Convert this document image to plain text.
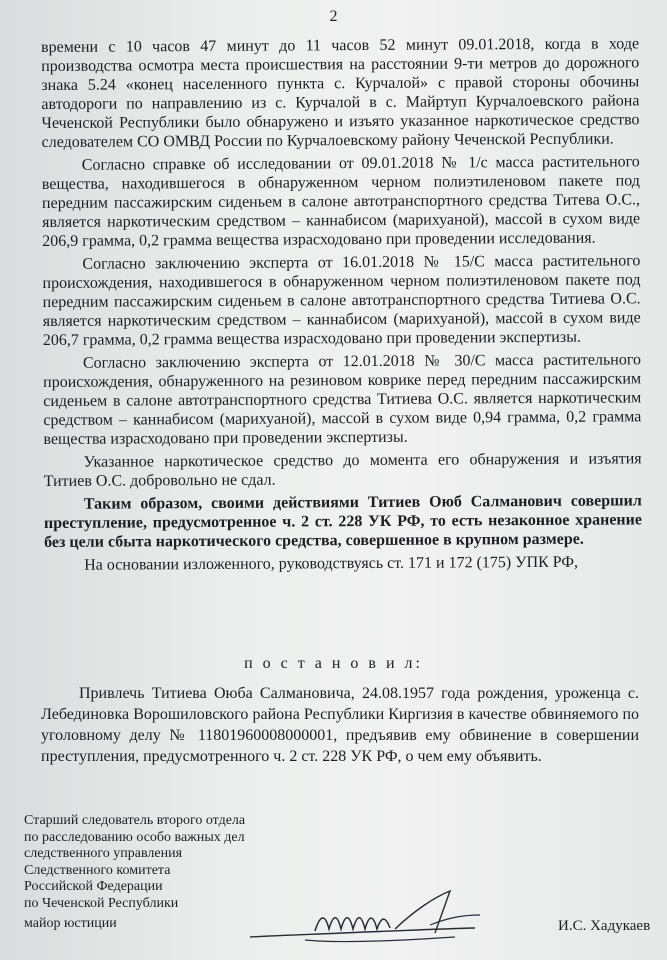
2

времени с 10 часов 47 минут до 11 часов 52 минут 09.01.2018, когда в ходе производства осмотра места происшествия на расстоянии 9-ти метров до дорожного знака 5.24 «конец населенного пункта с. Курчалой» с правой стороны обочины автодороги по направлению из с. Курчалой в с. Майртуп Курчалоевского района Чеченской Республики было обнаружено и изъято указанное наркотическое средство следователем СО ОМВД России по Курчалоевскому району Чеченской Республики.

Согласно справке об исследовании от 09.01.2018 № 1/с масса растительного вещества, находившегося в обнаруженном черном полиэтиленовом пакете под передним пассажирским сиденьем в салоне автотранспортного средства Титева О.С., является наркотическим средством – каннабисом (марихуаной), массой в сухом виде 206,9 грамма, 0,2 грамма вещества израсходовано при проведении исследования.

Согласно заключению эксперта от 16.01.2018 № 15/С масса растительного происхождения, находившегося в обнаруженном черном полиэтиленовом пакете под передним пассажирским сиденьем в салоне автотранспортного средства Титиева О.С. является наркотическим средством – каннабисом (марихуаной), массой в сухом виде 206,7 грамма, 0,2 грамма вещества израсходовано при проведении экспертизы.

Согласно заключению эксперта от 12.01.2018 № 30/С масса растительного происхождения, обнаруженного на резиновом коврике перед передним пассажирским сиденьем в салоне автотранспортного средства Титиева О.С. является наркотическим средством – каннабисом (марихуаной), массой в сухом виде 0,94 грамма, 0,2 грамма вещества израсходовано при проведении экспертизы.

Указанное наркотическое средство до момента его обнаружения и изъятия Титиев О.С. добровольно не сдал.

Таким образом, своими действиями Титиев Оюб Салманович совершил преступление, предусмотренное ч. 2 ст. 228 УК РФ, то есть незаконное хранение без цели сбыта наркотического средства, совершенное в крупном размере.

На основании изложенного, руководствуясь ст. 171 и 172 (175) УПК РФ,

п о с т а н о в и л:

Привлечь Титиева Оюба Салмановича, 24.08.1957 года рождения, уроженца с. Лебединовка Ворошиловского района Республики Киргизия в качестве обвиняемого по уголовному делу № 11801960008000001, предъявив ему обвинение в совершении преступления, предусмотренного ч. 2 ст. 228 УК РФ, о чем ему объявить.

Старший следователь второго отдела
по расследованию особо важных дел
следственного управления
Следственного комитета
Российской Федерации
по Чеченской Республики
майор юстиции	И.С. Хадукаев
